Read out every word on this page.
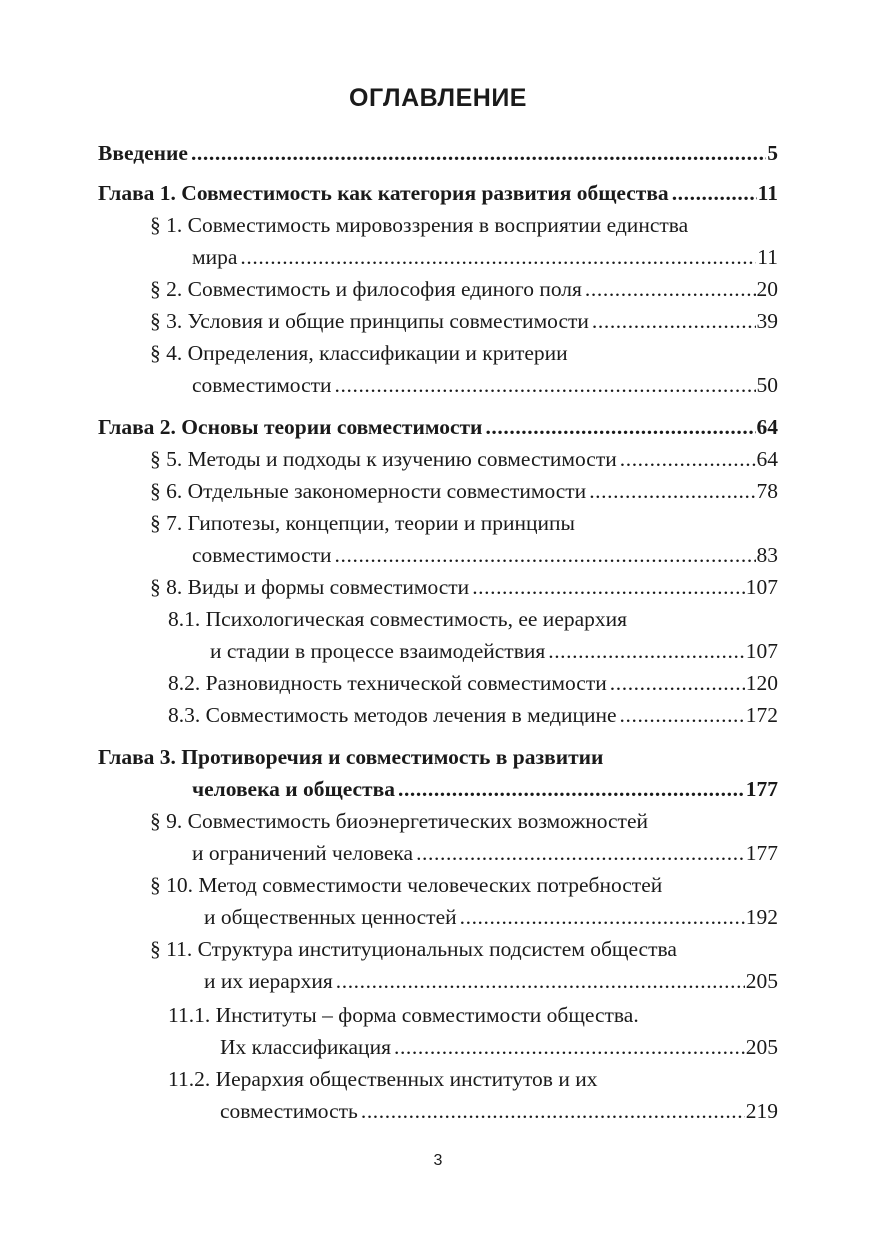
ОГЛАВЛЕНИЕ
Введение .....	5
Глава 1. Совместимость как категория развития общества .....	11
§ 1. Совместимость мировоззрения в восприятии единства
мира .....	11
§ 2. Совместимость и философия единого поля .....	20
§ 3. Условия и общие принципы совместимости .....	39
§ 4. Определения, классификации и критерии
совместимости .....	50
Глава 2. Основы теории совместимости .....	64
§ 5. Методы и подходы к изучению совместимости .....	64
§ 6. Отдельные закономерности совместимости .....	78
§ 7. Гипотезы, концепции, теории и принципы
совместимости .....	83
§ 8. Виды и формы совместимости .....	107
8.1. Психологическая совместимость, ее иерархия
и стадии в процессе взаимодействия .....	107
8.2. Разновидность технической совместимости .....	120
8.3. Совместимость методов лечения в медицине .....	172
Глава 3. Противоречия и совместимость в развитии
человека и общества .....	177
§ 9. Совместимость биоэнергетических возможностей
и ограничений человека .....	177
§ 10. Метод совместимости человеческих потребностей
и общественных ценностей .....	192
§ 11. Структура институциональных подсистем общества
и их иерархия .....	205
11.1. Институты – форма совместимости общества.
Их классификация .....	205
11.2. Иерархия общественных институтов и их
совместимость .....	219
3
